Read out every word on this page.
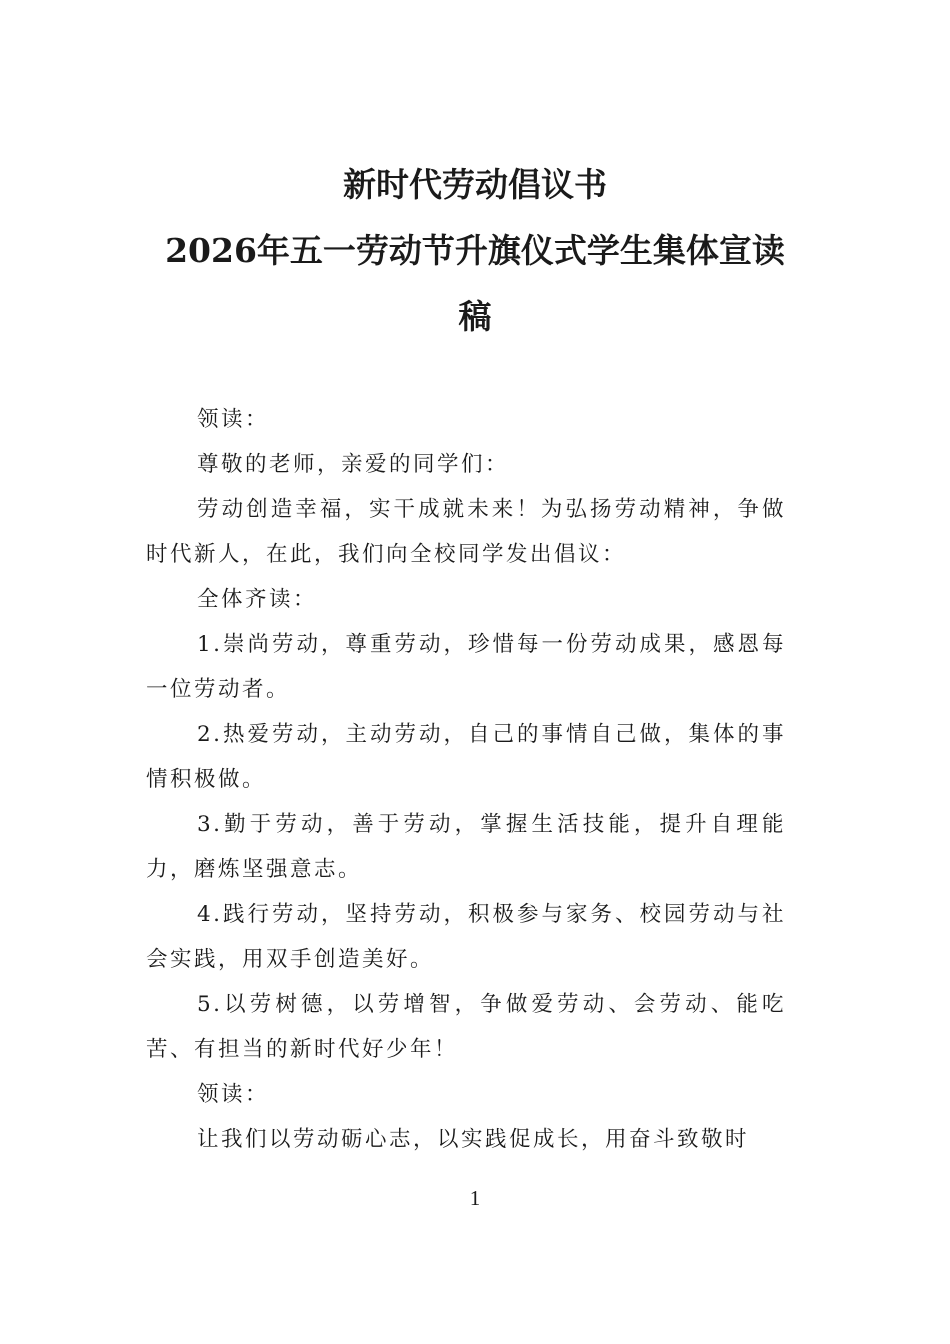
新时代劳动倡议书
2026年五一劳动节升旗仪式学生集体宣读
稿

领读：

尊敬的老师，亲爱的同学们：

劳动创造幸福，实干成就未来！为弘扬劳动精神，争做时代新人，在此，我们向全校同学发出倡议：

全体齐读：

1.崇尚劳动，尊重劳动，珍惜每一份劳动成果，感恩每一位劳动者。

2.热爱劳动，主动劳动，自己的事情自己做，集体的事情积极做。

3.勤于劳动，善于劳动，掌握生活技能，提升自理能力，磨炼坚强意志。

4.践行劳动，坚持劳动，积极参与家务、校园劳动与社会实践，用双手创造美好。

5.以劳树德，以劳增智，争做爱劳动、会劳动、能吃苦、有担当的新时代好少年！

领读：

让我们以劳动砺心志，以实践促成长，用奋斗致敬时

1
